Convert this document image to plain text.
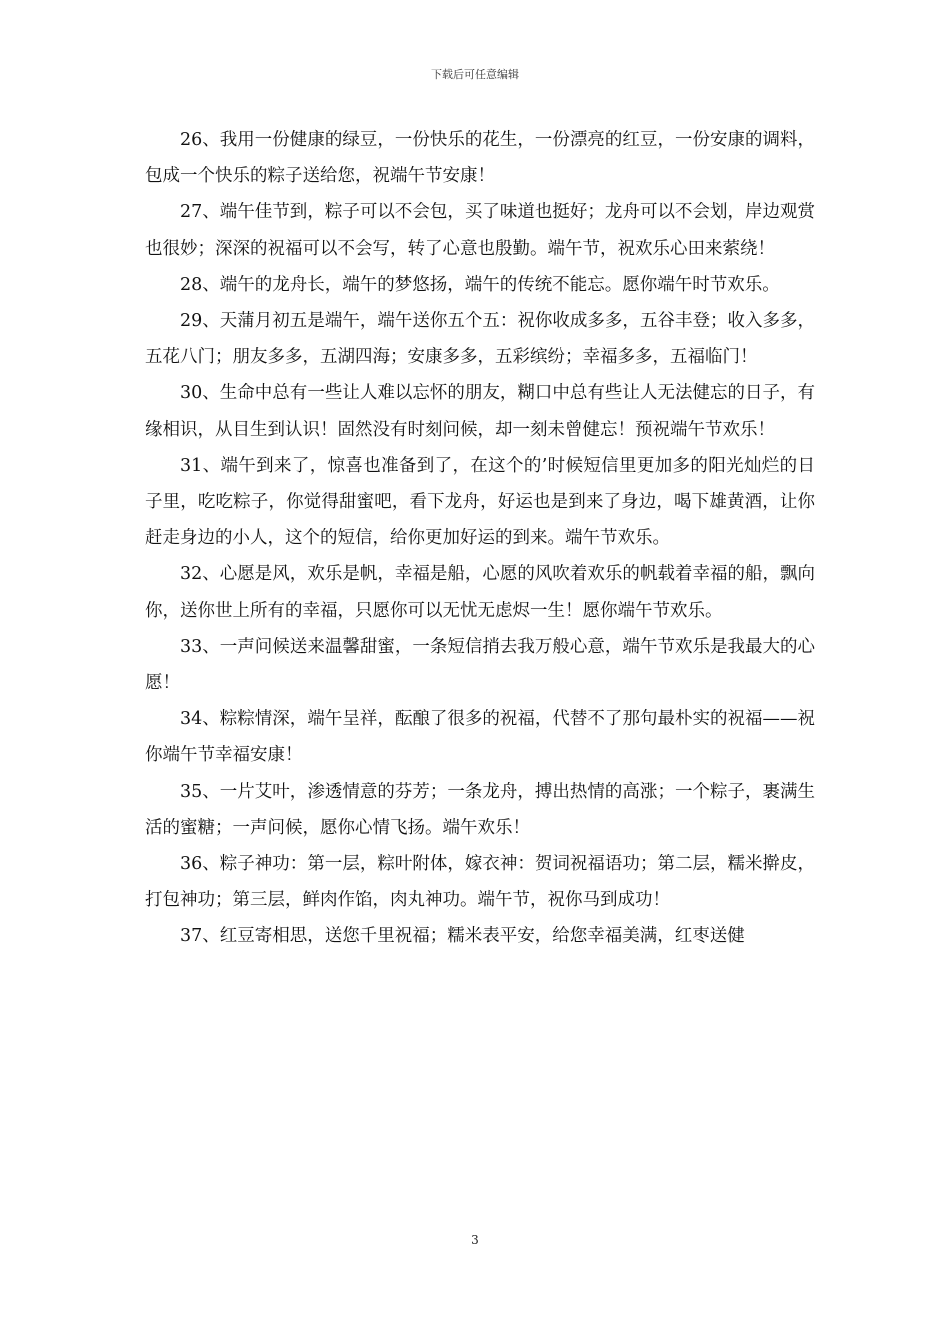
下载后可任意编辑

26、我用一份健康的绿豆，一份快乐的花生，一份漂亮的红豆，一份安康的调料，包成一个快乐的粽子送给您，祝端午节安康！

27、端午佳节到，粽子可以不会包，买了味道也挺好；龙舟可以不会划，岸边观赏也很妙；深深的祝福可以不会写，转了心意也殷勤。端午节，祝欢乐心田来萦绕！

28、端午的龙舟长，端午的梦悠扬，端午的传统不能忘。愿你端午时节欢乐。

29、天蒲月初五是端午，端午送你五个五：祝你收成多多，五谷丰登；收入多多，五花八门；朋友多多，五湖四海；安康多多，五彩缤纷；幸福多多，五福临门！

30、生命中总有一些让人难以忘怀的朋友，糊口中总有些让人无法健忘的日子，有缘相识，从目生到认识！固然没有时刻问候，却一刻未曾健忘！预祝端午节欢乐！

31、端午到来了，惊喜也准备到了，在这个的’时候短信里更加多的阳光灿烂的日子里，吃吃粽子，你觉得甜蜜吧，看下龙舟，好运也是到来了身边，喝下雄黄酒，让你赶走身边的小人，这个的短信，给你更加好运的到来。端午节欢乐。

32、心愿是风，欢乐是帆，幸福是船，心愿的风吹着欢乐的帆载着幸福的船，飘向你，送你世上所有的幸福，只愿你可以无忧无虑烬一生！愿你端午节欢乐。

33、一声问候送来温馨甜蜜，一条短信捎去我万般心意，端午节欢乐是我最大的心愿！

34、粽粽情深，端午呈祥，酝酿了很多的祝福，代替不了那句最朴实的祝福——祝你端午节幸福安康！

35、一片艾叶，渗透情意的芬芳；一条龙舟，搏出热情的高涨；一个粽子，裹满生活的蜜糖；一声问候，愿你心情飞扬。端午欢乐！

36、粽子神功：第一层，粽叶附体，嫁衣神：贺词祝福语功；第二层，糯米擀皮，打包神功；第三层，鲜肉作馅，肉丸神功。端午节，祝你马到成功！

37、红豆寄相思，送您千里祝福；糯米表平安，给您幸福美满，红枣送健

3
